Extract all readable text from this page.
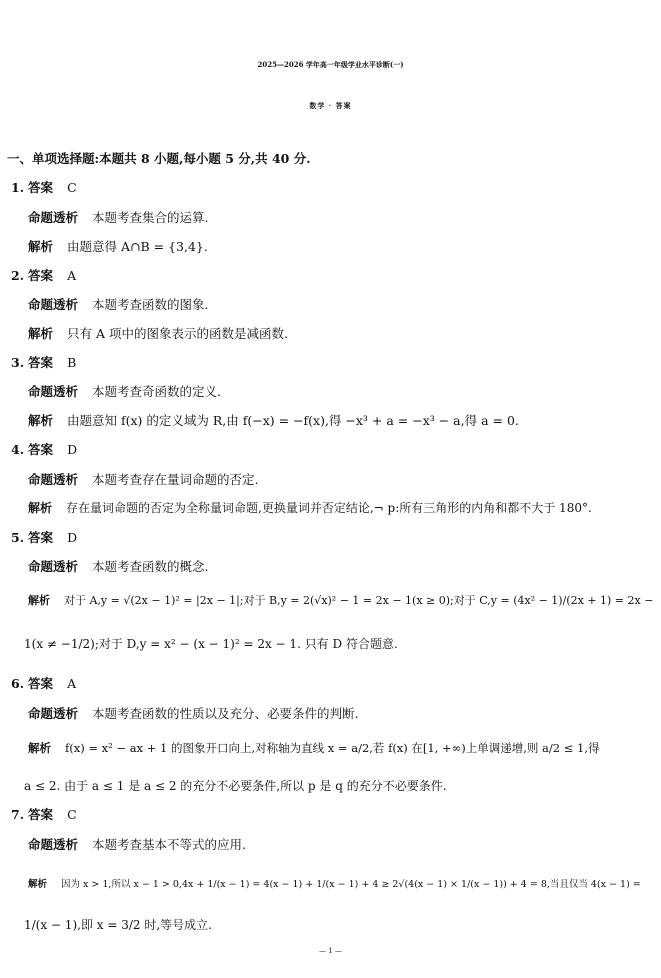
2025—2026 学年高一年级学业水平诊断(一)
数学 · 答案
一、单项选择题:本题共 8 小题,每小题 5 分,共 40 分.
1. 答案 C
命题透析 本题考查集合的运算.
解析 由题意得 A∩B = {3,4}.
2. 答案 A
命题透析 本题考查函数的图象.
解析 只有 A 项中的图象表示的函数是减函数.
3. 答案 B
命题透析 本题考查奇函数的定义.
解析 由题意知 f(x) 的定义域为 R,由 f(−x) = −f(x),得 −x³ + a = −x³ − a,得 a = 0.
4. 答案 D
命题透析 本题考查存在量词命题的否定.
解析 存在量词命题的否定为全称量词命题,更换量词并否定结论,¬ p:所有三角形的内角和都不大于 180°.
5. 答案 D
命题透析 本题考查函数的概念.
解析 对于 A,y = √(2x − 1)² = |2x − 1|;对于 B,y = 2(√x)² − 1 = 2x − 1(x ≥ 0);对于 C,y = (4x² − 1)/(2x + 1) = 2x −
1(x ≠ −1/2);对于 D,y = x² − (x − 1)² = 2x − 1. 只有 D 符合题意.
6. 答案 A
命题透析 本题考查函数的性质以及充分、必要条件的判断.
解析 f(x) = x² − ax + 1 的图象开口向上,对称轴为直线 x = a/2,若 f(x) 在[1, +∞)上单调递增,则 a/2 ≤ 1,得
a ≤ 2. 由于 a ≤ 1 是 a ≤ 2 的充分不必要条件,所以 p 是 q 的充分不必要条件.
7. 答案 C
命题透析 本题考查基本不等式的应用.
解析 因为 x > 1,所以 x − 1 > 0,4x + 1/(x − 1) = 4(x − 1) + 1/(x − 1) + 4 ≥ 2√(4(x − 1) × 1/(x − 1)) + 4 = 8,当且仅当 4(x − 1) =
1/(x − 1),即 x = 3/2 时,等号成立.
— 1 —
